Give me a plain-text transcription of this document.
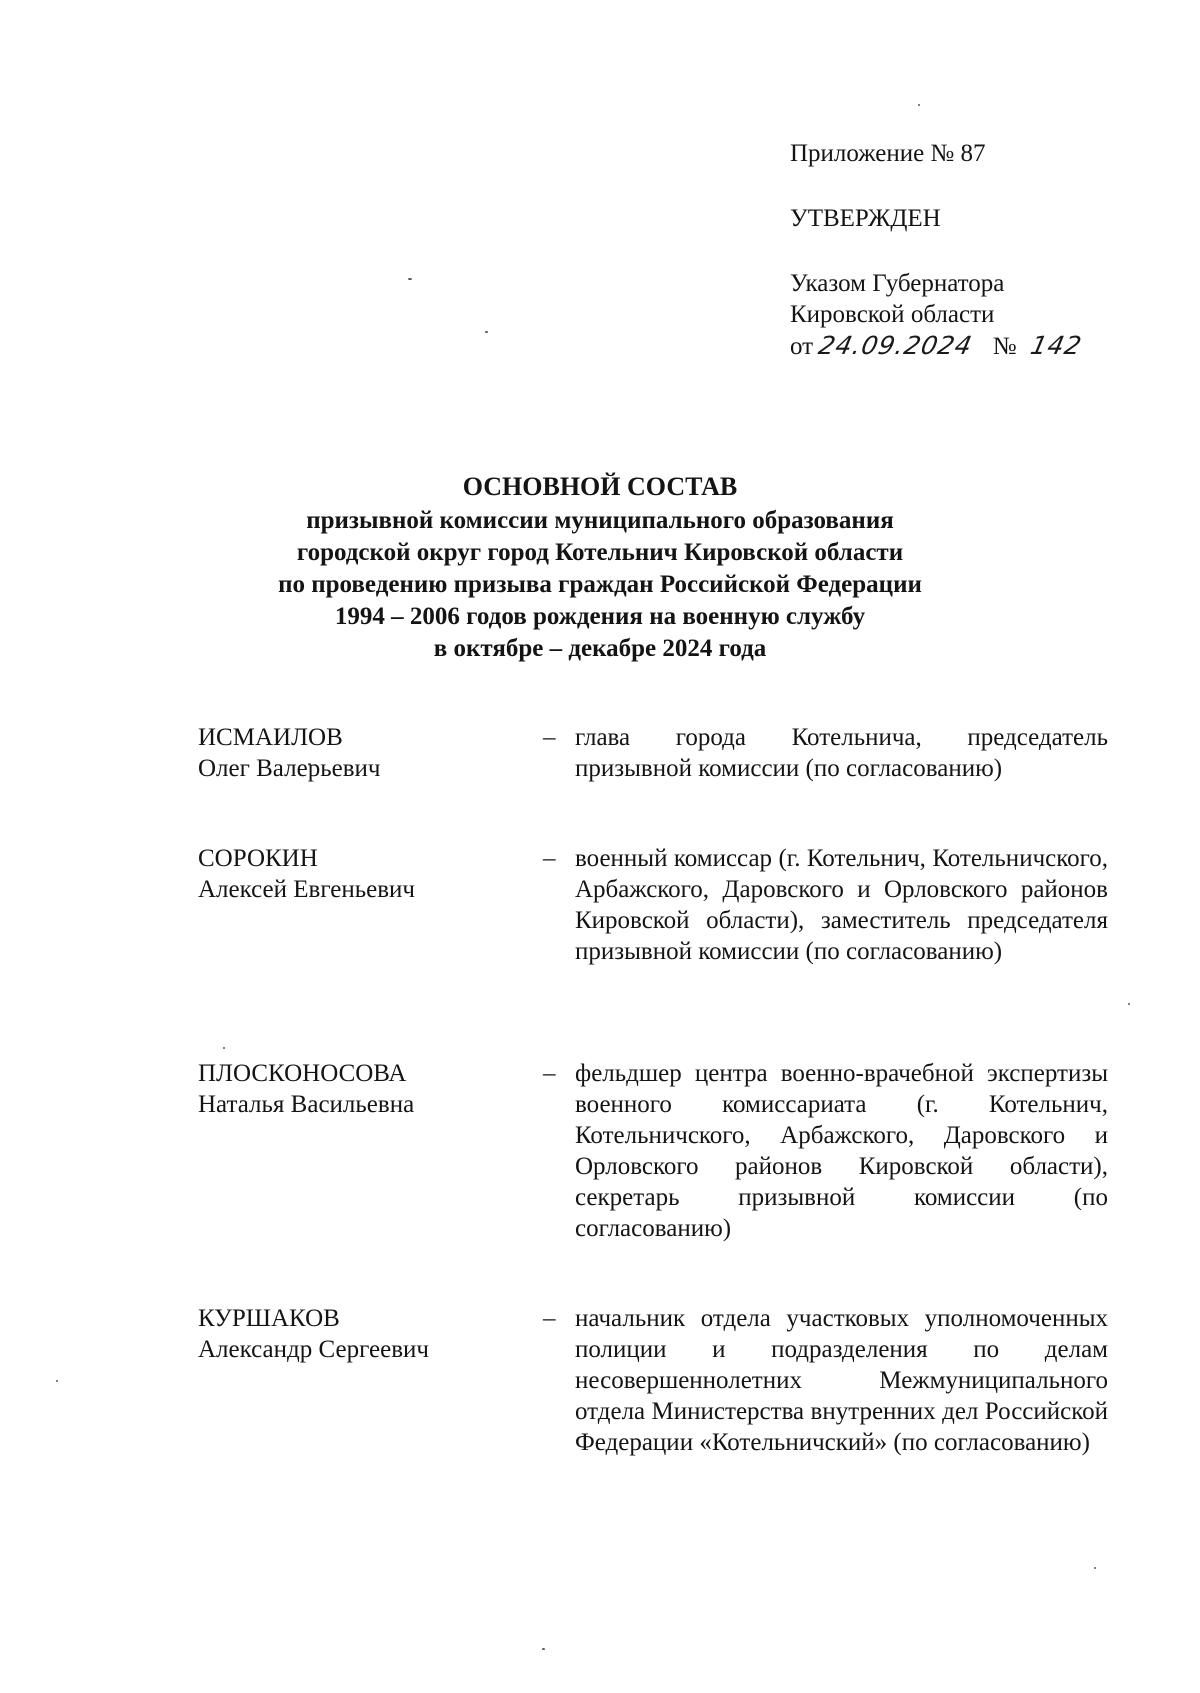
Приложение № 87
УТВЕРЖДЕН
Указом Губернатора
Кировской области
от 24.09.2024 № 142
ОСНОВНОЙ СОСТАВ
призывной комиссии муниципального образования
городской округ город Котельнич Кировской области
по проведению призыва граждан Российской Федерации
1994 – 2006 годов рождения на военную службу
в октябре – декабре 2024 года
ИСМАИЛОВ
Олег Валерьевич
– глава города Котельнича, председатель призывной комиссии (по согласованию)
СОРОКИН
Алексей Евгеньевич
– военный комиссар (г. Котельнич, Котельничского, Арбажского, Даровского и Орловского районов Кировской области), заместитель председателя призывной комиссии (по согласованию)
ПЛОСКОНОСОВА
Наталья Васильевна
– фельдшер центра военно-врачебной экспертизы военного комиссариата (г. Котельнич, Котельничского, Арбажского, Даровского и Орловского районов Кировской области), секретарь призывной комиссии (по согласованию)
КУРШАКОВ
Александр Сергеевич
– начальник отдела участковых уполномоченных полиции и подразделения по делам несовершеннолетних Межмуниципального отдела Министерства внутренних дел Российской Федерации «Котельничский» (по согласованию)
